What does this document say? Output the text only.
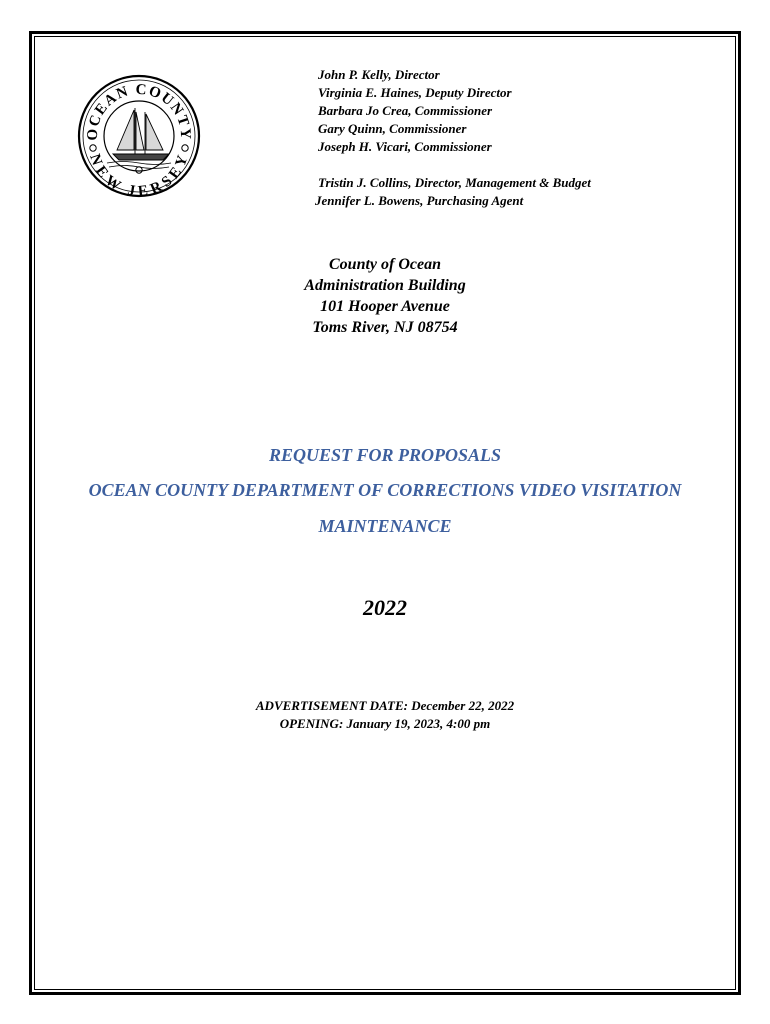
OCEAN COUNTY
NEW JERSEY
John P. Kelly, Director
Virginia E. Haines, Deputy Director
Barbara Jo Crea, Commissioner
Gary Quinn, Commissioner
Joseph H. Vicari, Commissioner
Tristin J. Collins, Director, Management & Budget
Jennifer L. Bowens, Purchasing Agent
County of Ocean
Administration Building
101 Hooper Avenue
Toms River, NJ 08754
REQUEST FOR PROPOSALS
OCEAN COUNTY DEPARTMENT OF CORRECTIONS VIDEO VISITATION
MAINTENANCE
2022
ADVERTISEMENT DATE: December 22, 2022
OPENING: January 19, 2023, 4:00 pm
